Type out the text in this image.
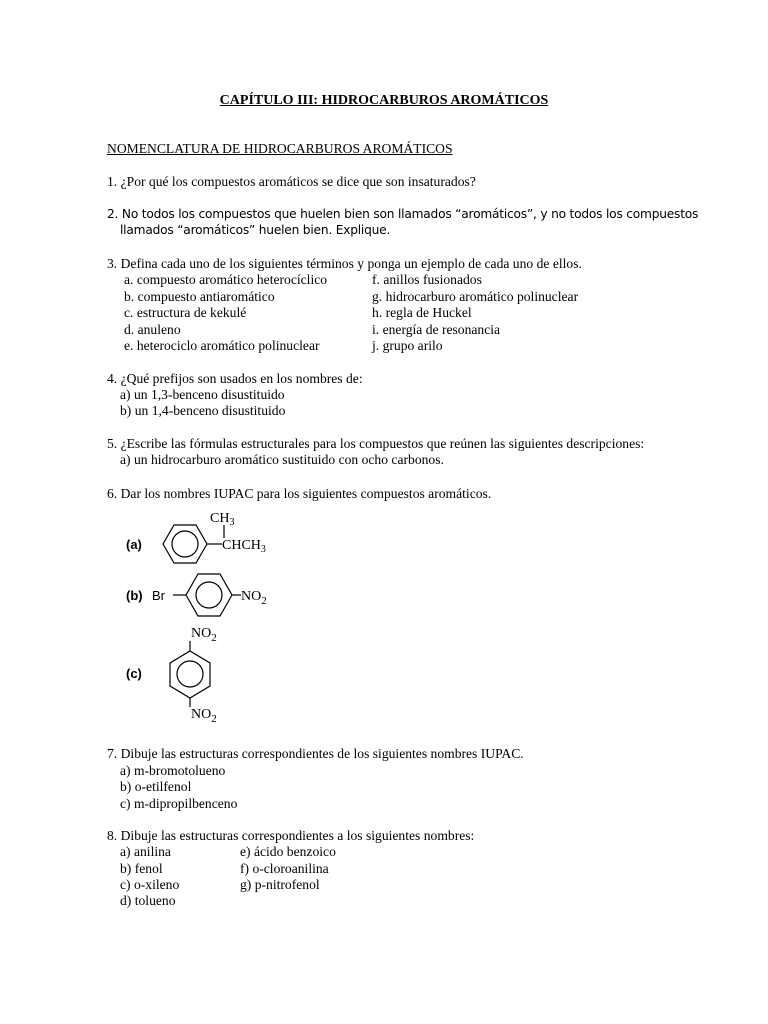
CAPÍTULO III: HIDROCARBUROS AROMÁTICOS
NOMENCLATURA DE HIDROCARBUROS AROMÁTICOS
1. ¿Por qué los compuestos aromáticos se dice que son insaturados?
2. No todos los compuestos que huelen bien son llamados “aromáticos”, y no todos los compuestos
llamados “aromáticos” huelen bien. Explique.
3. Defina cada uno de los siguientes términos y ponga un ejemplo de cada uno de ellos.
a. compuesto aromático heterocíclico
b. compuesto antiaromático
c. estructura de kekulé
d. anuleno
e. heterociclo aromático polinuclear
f. anillos fusionados
g. hidrocarburo aromático polinuclear
h. regla de Huckel
i. energía de resonancia
j. grupo arilo
4. ¿Qué prefijos son usados en los nombres de:
a) un 1,3-benceno disustituido
b) un 1,4-benceno disustituido
5. ¿Escribe las fórmulas estructurales para los compuestos que reúnen las siguientes descripciones:
a) un hidrocarburo aromático sustituido con ocho carbonos.
6. Dar los nombres IUPAC para los siguientes compuestos aromáticos.
(a)
$CH_3$
$CHCH_3$
(b) Br	$NO_2$
(c)
$NO_2$
$NO_2$
7. Dibuje las estructuras correspondientes de los siguientes nombres IUPAC.
a) m-bromotolueno
b) o-etilfenol
c) m-dipropilbenceno
8. Dibuje las estructuras correspondientes a los siguientes nombres:
a) anilina
b) fenol
c) o-xileno
d) tolueno
e) ácido benzoico
f) o-cloroanilina
g) p-nitrofenol
